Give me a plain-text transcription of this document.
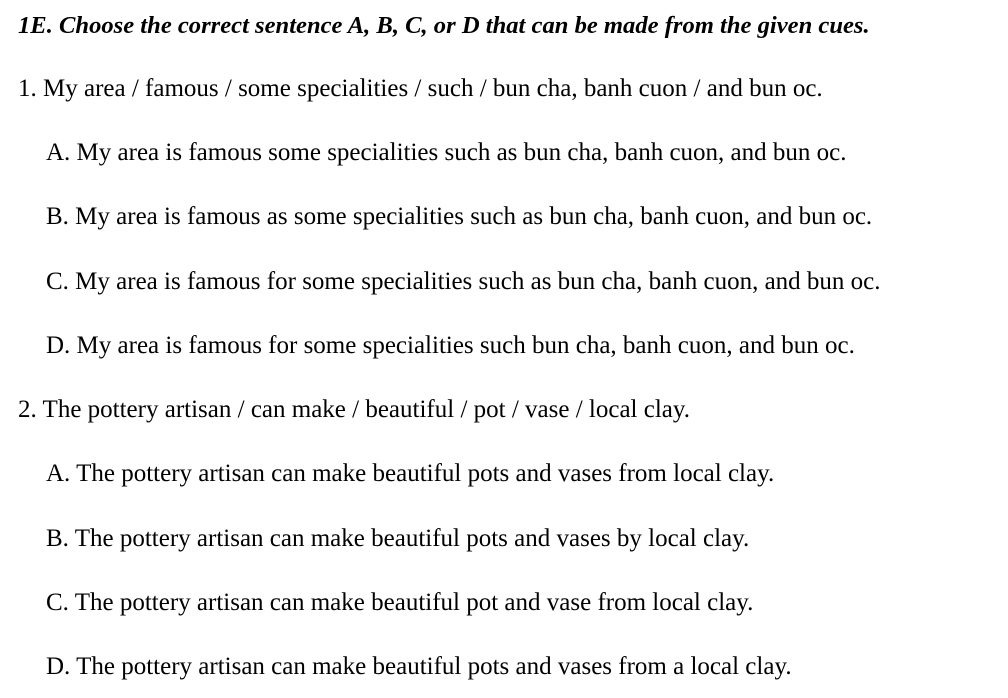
1E. Choose the correct sentence A, B, C, or D that can be made from the given cues.
1. My area / famous / some specialities / such / bun cha, banh cuon / and bun oc.
A. My area is famous some specialities such as bun cha, banh cuon, and bun oc.
B. My area is famous as some specialities such as bun cha, banh cuon, and bun oc.
C. My area is famous for some specialities such as bun cha, banh cuon, and bun oc.
D. My area is famous for some specialities such bun cha, banh cuon, and bun oc.
2. The pottery artisan / can make / beautiful / pot / vase / local clay.
A. The pottery artisan can make beautiful pots and vases from local clay.
B. The pottery artisan can make beautiful pots and vases by local clay.
C. The pottery artisan can make beautiful pot and vase from local clay.
D. The pottery artisan can make beautiful pots and vases from a local clay.
